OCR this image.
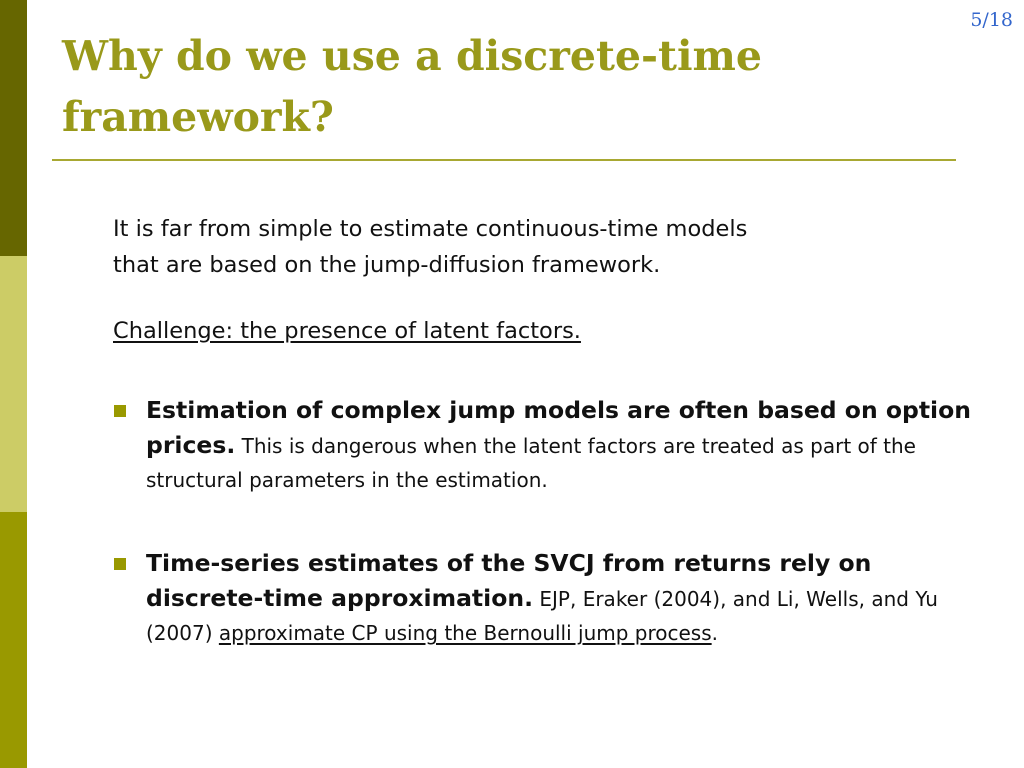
5/18
Why do we use a discrete-time
framework?

It is far from simple to estimate continuous-time models
that are based on the jump-diffusion framework.

Challenge: the presence of latent factors.

Estimation of complex jump models are often based on option prices. This is dangerous when the latent factors are treated as part of the structural parameters in the estimation.
Time-series estimates of the SVCJ from returns rely on discrete-time approximation. EJP, Eraker (2004), and Li, Wells, and Yu (2007) approximate CP using the Bernoulli jump process.
